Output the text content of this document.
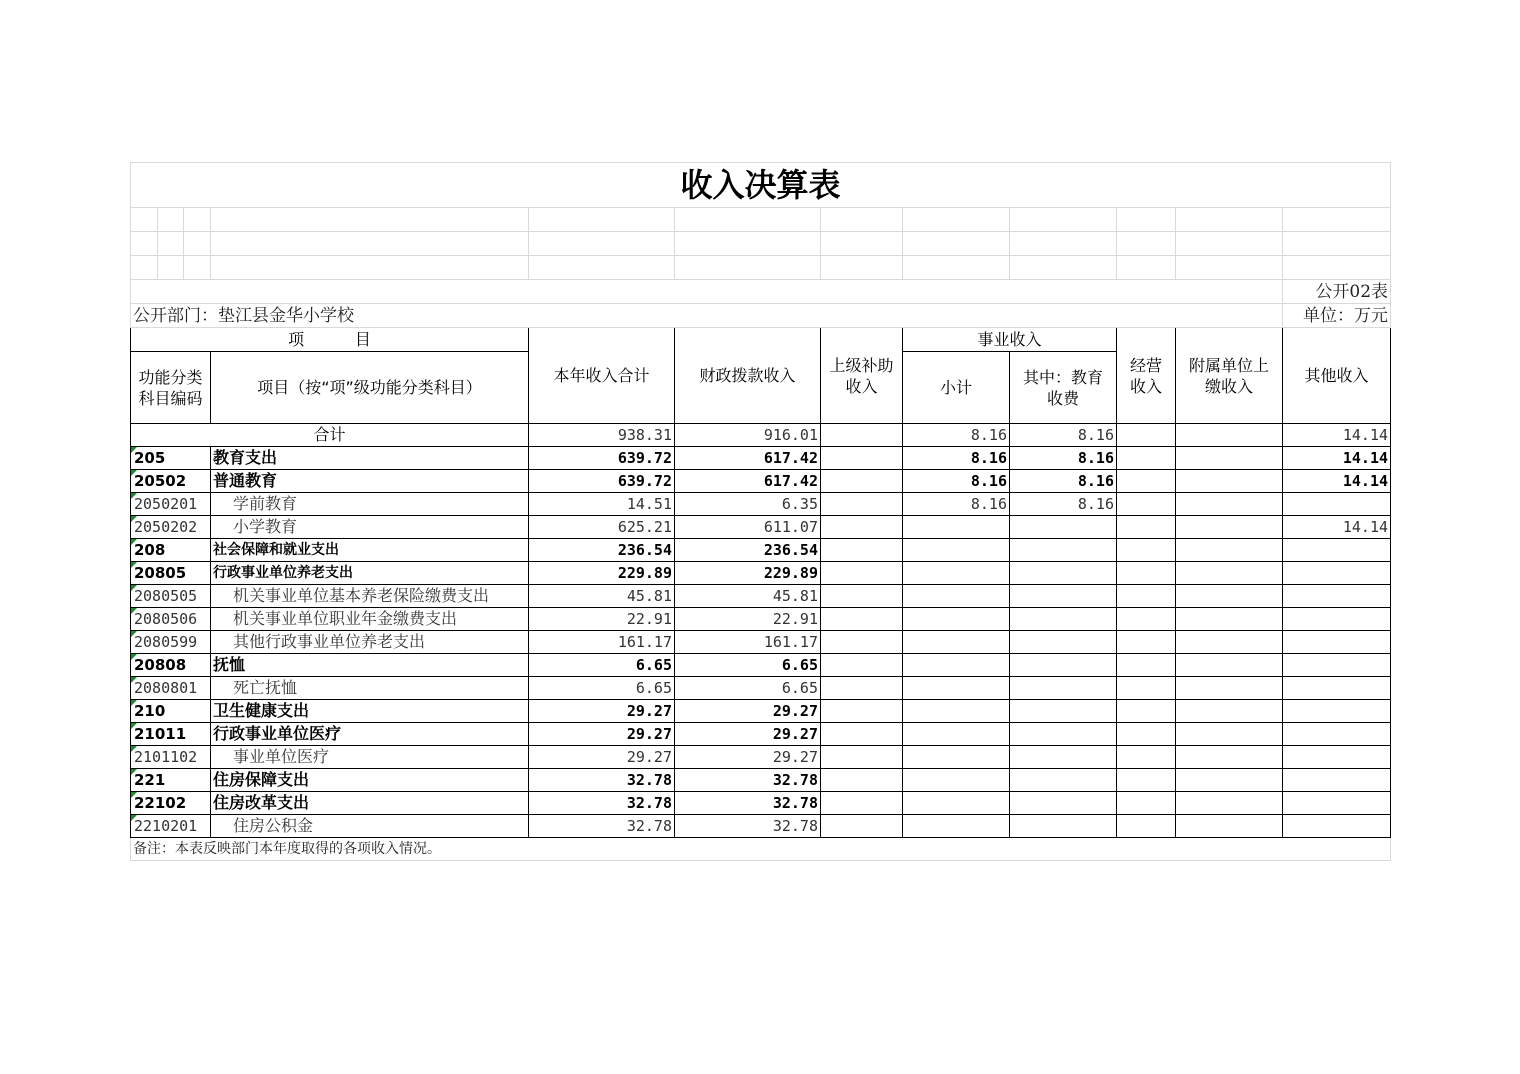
收入决算表											

											公开02表
公开部门：垫江县金华小学校											单位：万元
项          目				本年收入合计	财政拨款收入	上级补助收入	事业收入		经营收入	附属单位上缴收入	其他收入
功能分类科目编码			项目（按“项”级功能分类科目）				小计	其中：教育收费			
合计				938.31	916.01		8.16	8.16			14.14
205			教育支出	639.72	617.42		8.16	8.16			14.14
20502			普通教育	639.72	617.42		8.16	8.16			14.14
2050201			学前教育	14.51	6.35		8.16	8.16			
2050202			小学教育	625.21	611.07						14.14
208			社会保障和就业支出	236.54	236.54						
20805			行政事业单位养老支出	229.89	229.89						
2080505			机关事业单位基本养老保险缴费支出	45.81	45.81						
2080506			机关事业单位职业年金缴费支出	22.91	22.91						
2080599			其他行政事业单位养老支出	161.17	161.17						
20808			抚恤	6.65	6.65						
2080801			死亡抚恤	6.65	6.65						
210			卫生健康支出	29.27	29.27						
21011			行政事业单位医疗	29.27	29.27						
2101102			事业单位医疗	29.27	29.27						
221			住房保障支出	32.78	32.78						
22102			住房改革支出	32.78	32.78						
2210201			住房公积金	32.78	32.78						
备注：本表反映部门本年度取得的各项收入情况。											
